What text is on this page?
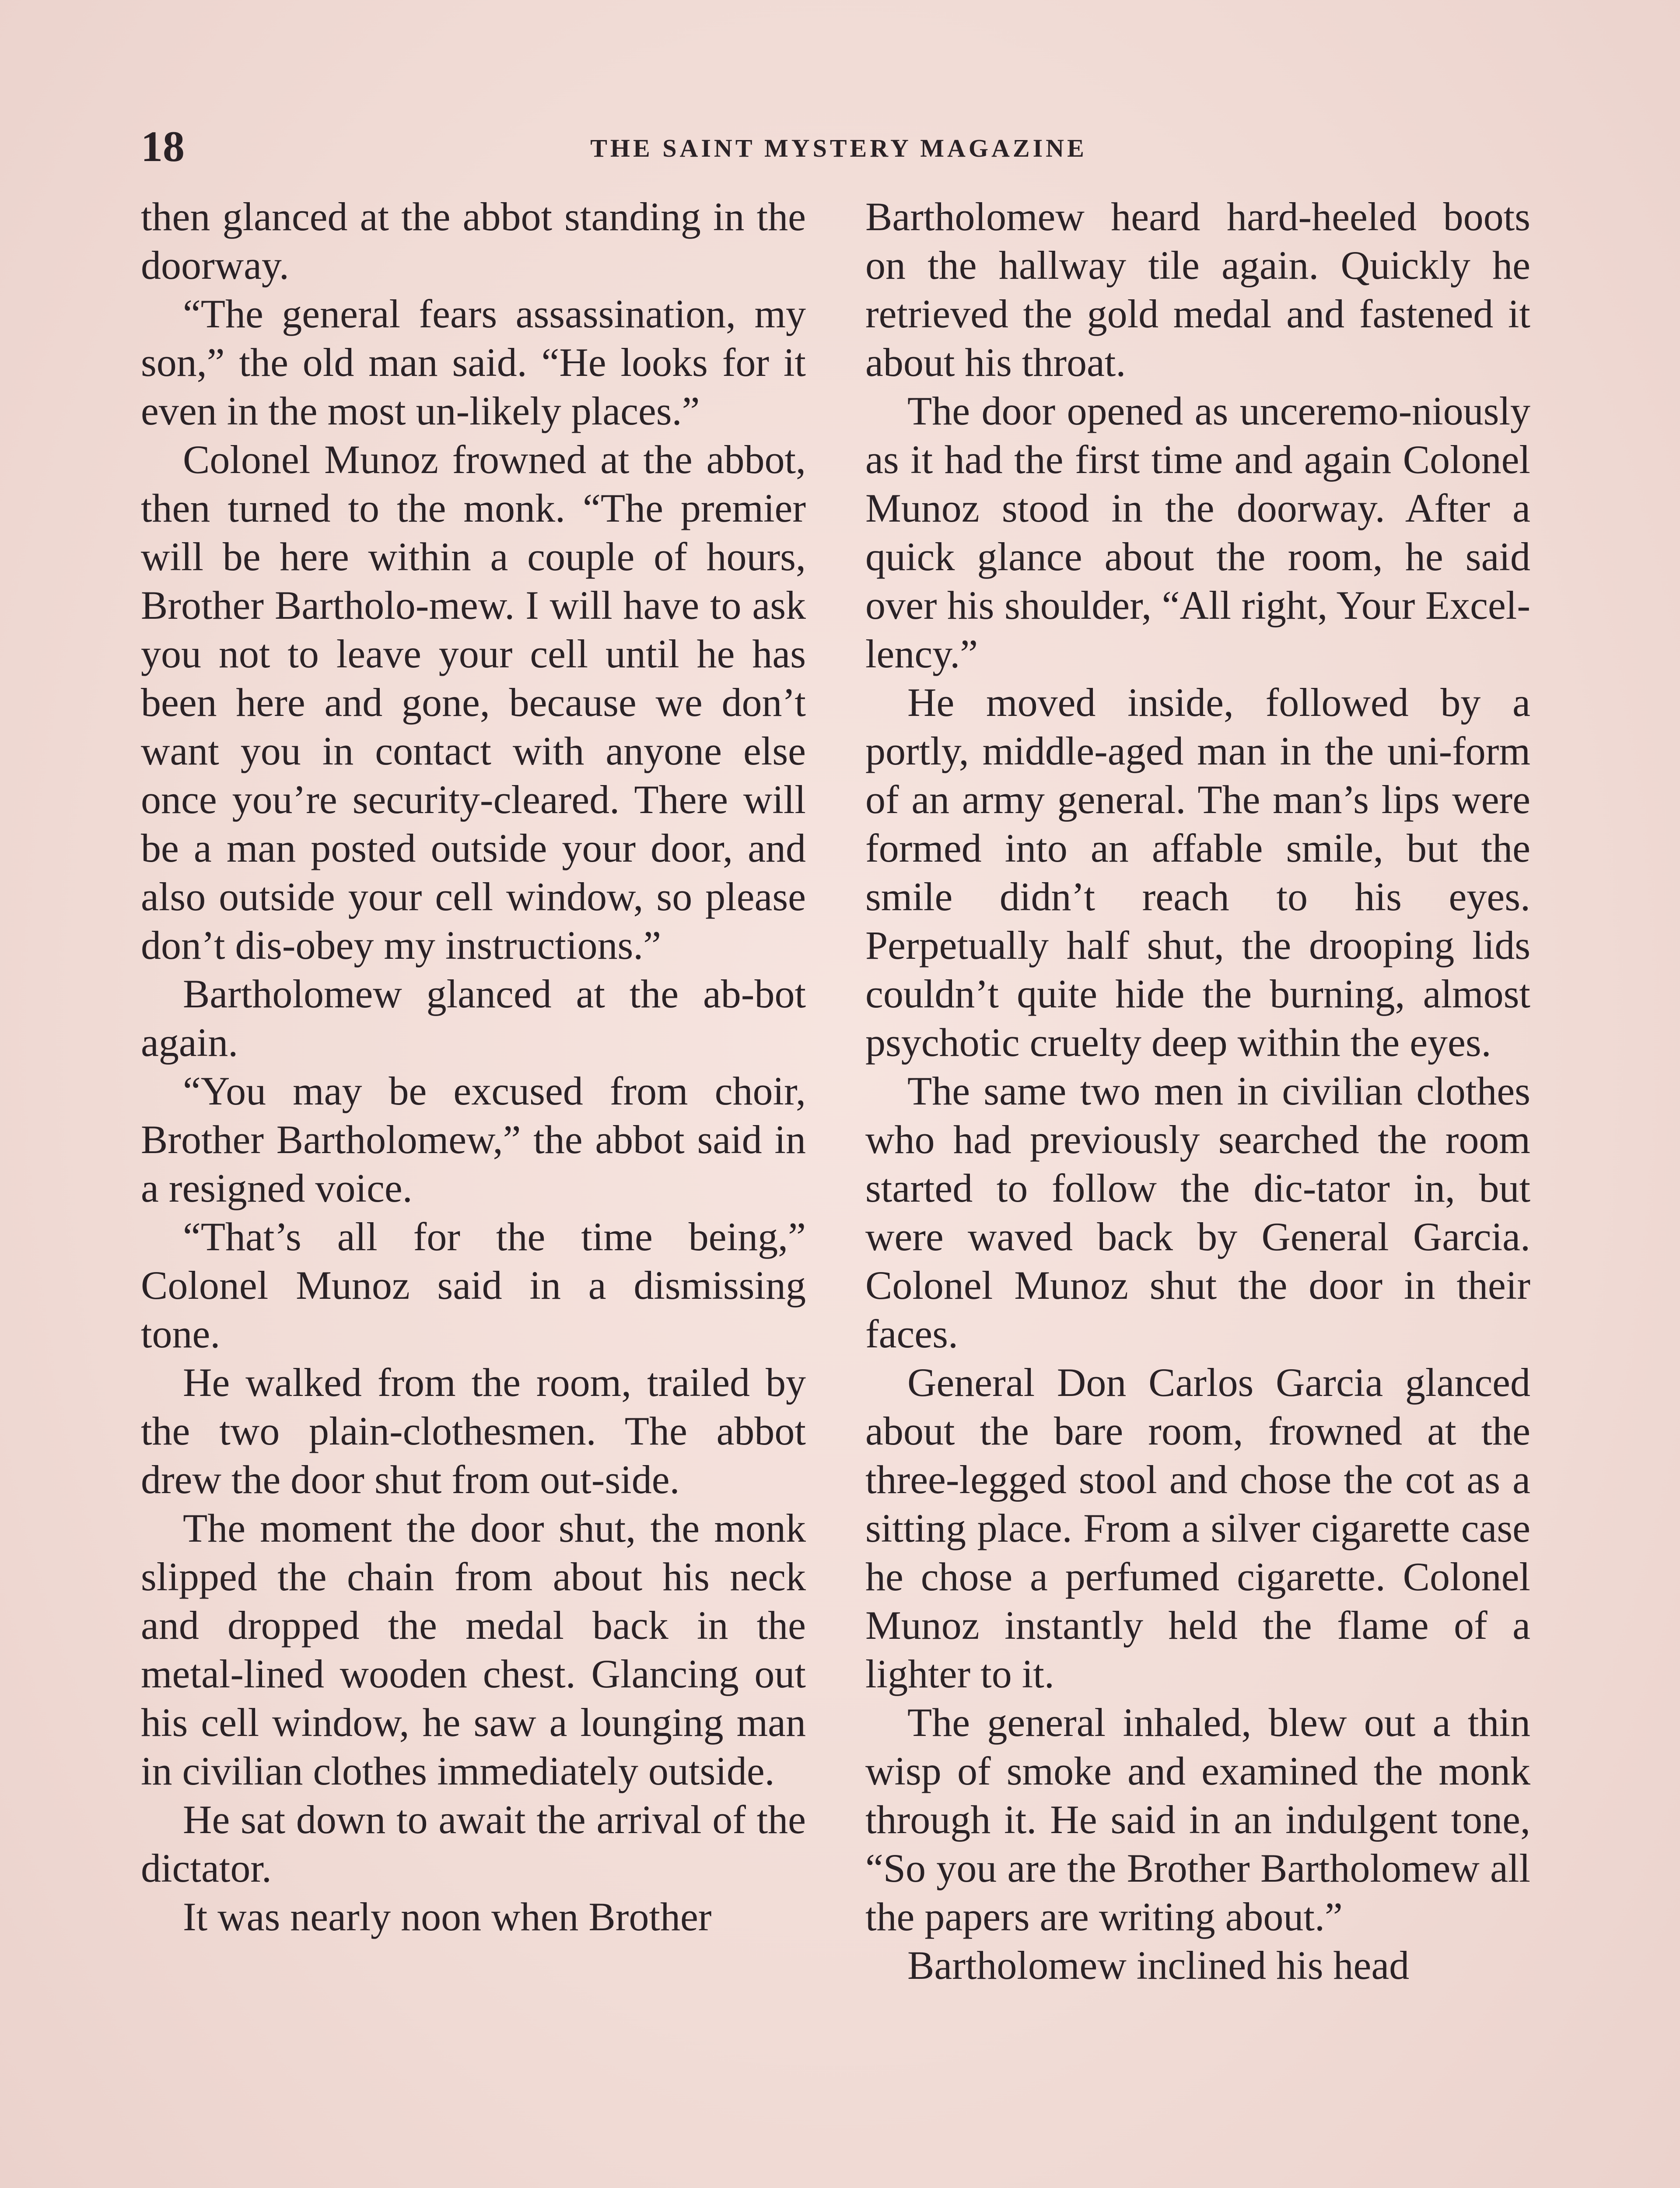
18	THE SAINT MYSTERY MAGAZINE

then glanced at the abbot standing in the doorway.

“The general fears assassination, my son,” the old man said. “He looks for it even in the most un-likely places.”

Colonel Munoz frowned at the abbot, then turned to the monk. “The premier will be here within a couple of hours, Brother Bartholo-mew. I will have to ask you not to leave your cell until he has been here and gone, because we don’t want you in contact with anyone else once you’re security-cleared. There will be a man posted outside your door, and also outside your cell window, so please don’t dis-obey my instructions.”

Bartholomew glanced at the ab-bot again.

“You may be excused from choir, Brother Bartholomew,” the abbot said in a resigned voice.

“That’s all for the time being,” Colonel Munoz said in a dismissing tone.

He walked from the room, trailed by the two plain-clothesmen. The abbot drew the door shut from out-side.

The moment the door shut, the monk slipped the chain from about his neck and dropped the medal back in the metal-lined wooden chest. Glancing out his cell window, he saw a lounging man in civilian clothes immediately outside.

He sat down to await the arrival of the dictator.

It was nearly noon when Brother

Bartholomew heard hard-heeled boots on the hallway tile again. Quickly he retrieved the gold medal and fastened it about his throat.

The door opened as unceremo-niously as it had the first time and again Colonel Munoz stood in the doorway. After a quick glance about the room, he said over his shoulder, “All right, Your Excel-lency.”

He moved inside, followed by a portly, middle-aged man in the uni-form of an army general. The man’s lips were formed into an affable smile, but the smile didn’t reach to his eyes. Perpetually half shut, the drooping lids couldn’t quite hide the burning, almost psychotic cruelty deep within the eyes.

The same two men in civilian clothes who had previously searched the room started to follow the dic-tator in, but were waved back by General Garcia. Colonel Munoz shut the door in their faces.

General Don Carlos Garcia glanced about the bare room, frowned at the three-legged stool and chose the cot as a sitting place. From a silver cigarette case he chose a perfumed cigarette. Colonel Munoz instantly held the flame of a lighter to it.

The general inhaled, blew out a thin wisp of smoke and examined the monk through it. He said in an indulgent tone, “So you are the Brother Bartholomew all the papers are writing about.”

Bartholomew inclined his head
